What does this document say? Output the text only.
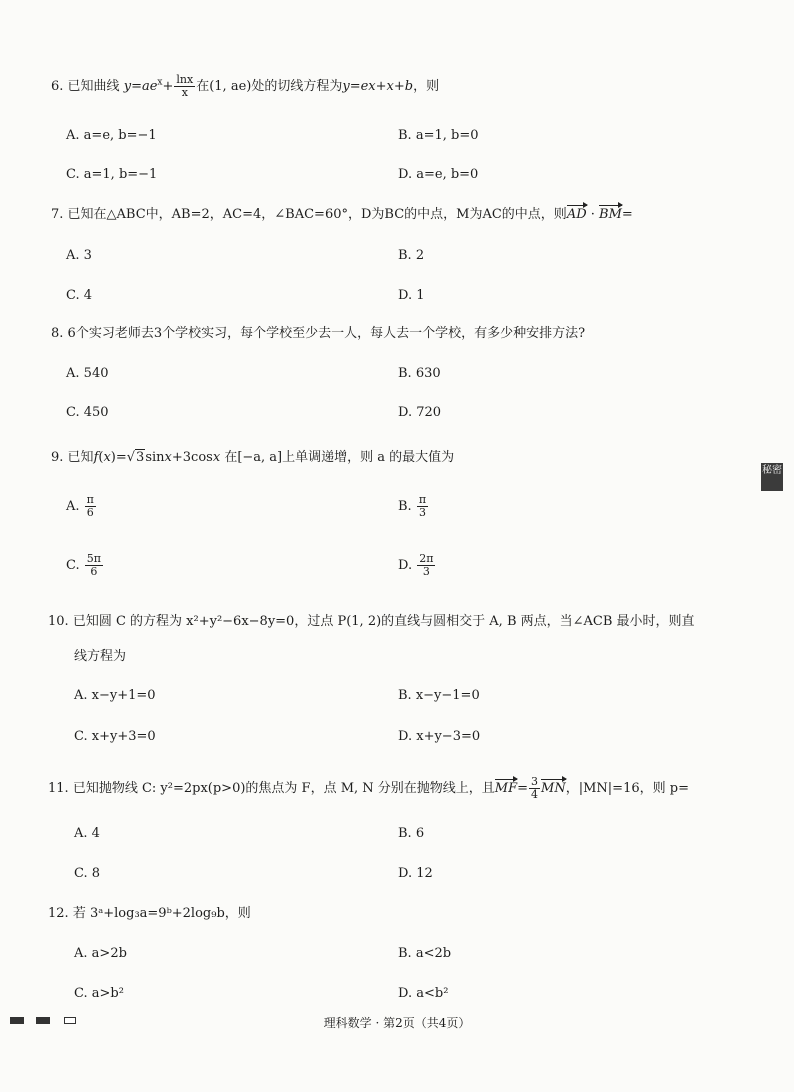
6. 已知曲线 $y=ae^x+ \frac{\ln x}{x}$ 在(1, ae)处的切线方程为y=ex+x+b，则
A. a=e, b=−1	B. a=1, b=0
C. a=1, b=−1	D. a=e, b=0
7. 已知在△ABC中，AB=2，AC=4，∠BAC=60°，D为BC的中点，M为AC的中点，则AD · BM=
A. 3	B. 2
C. 4	D. 1
8. 6个实习老师去3个学校实习，每个学校至少去一人，每人去一个学校，有多少种安排方法?
A. 540	B. 630
C. 450	D. 720
9. 已知f(x)=√3sinx+3cosx 在[−a, a]上单调递增，则 a 的最大值为
A. $\frac{\pi}{6}$	B. $\frac{\pi}{3}$
C. $\frac{5\pi}{6}$	D. $\frac{2\pi}{3}$
10. 已知圆 C 的方程为 x²+y²−6x−8y=0，过点 P(1, 2)的直线与圆相交于 A, B 两点，当∠ACB 最小时，则直
线方程为
A. x−y+1=0	B. x−y−1=0
C. x+y+3=0	D. x+y−3=0
11. 已知抛物线 C: y²=2px(p>0)的焦点为 F，点 M, N 分别在抛物线上，且$MF= \frac{3}{4}$ MN，|MN|=16，则 p=
A. 4	B. 6
C. 8	D. 12
12. 若 3ᵃ+log₃a=9ᵇ+2log₉b，则
A. a>2b	B. a<2b
C. a>b²	D. a<b²
秘密
理科数学 · 第2页（共4页）
